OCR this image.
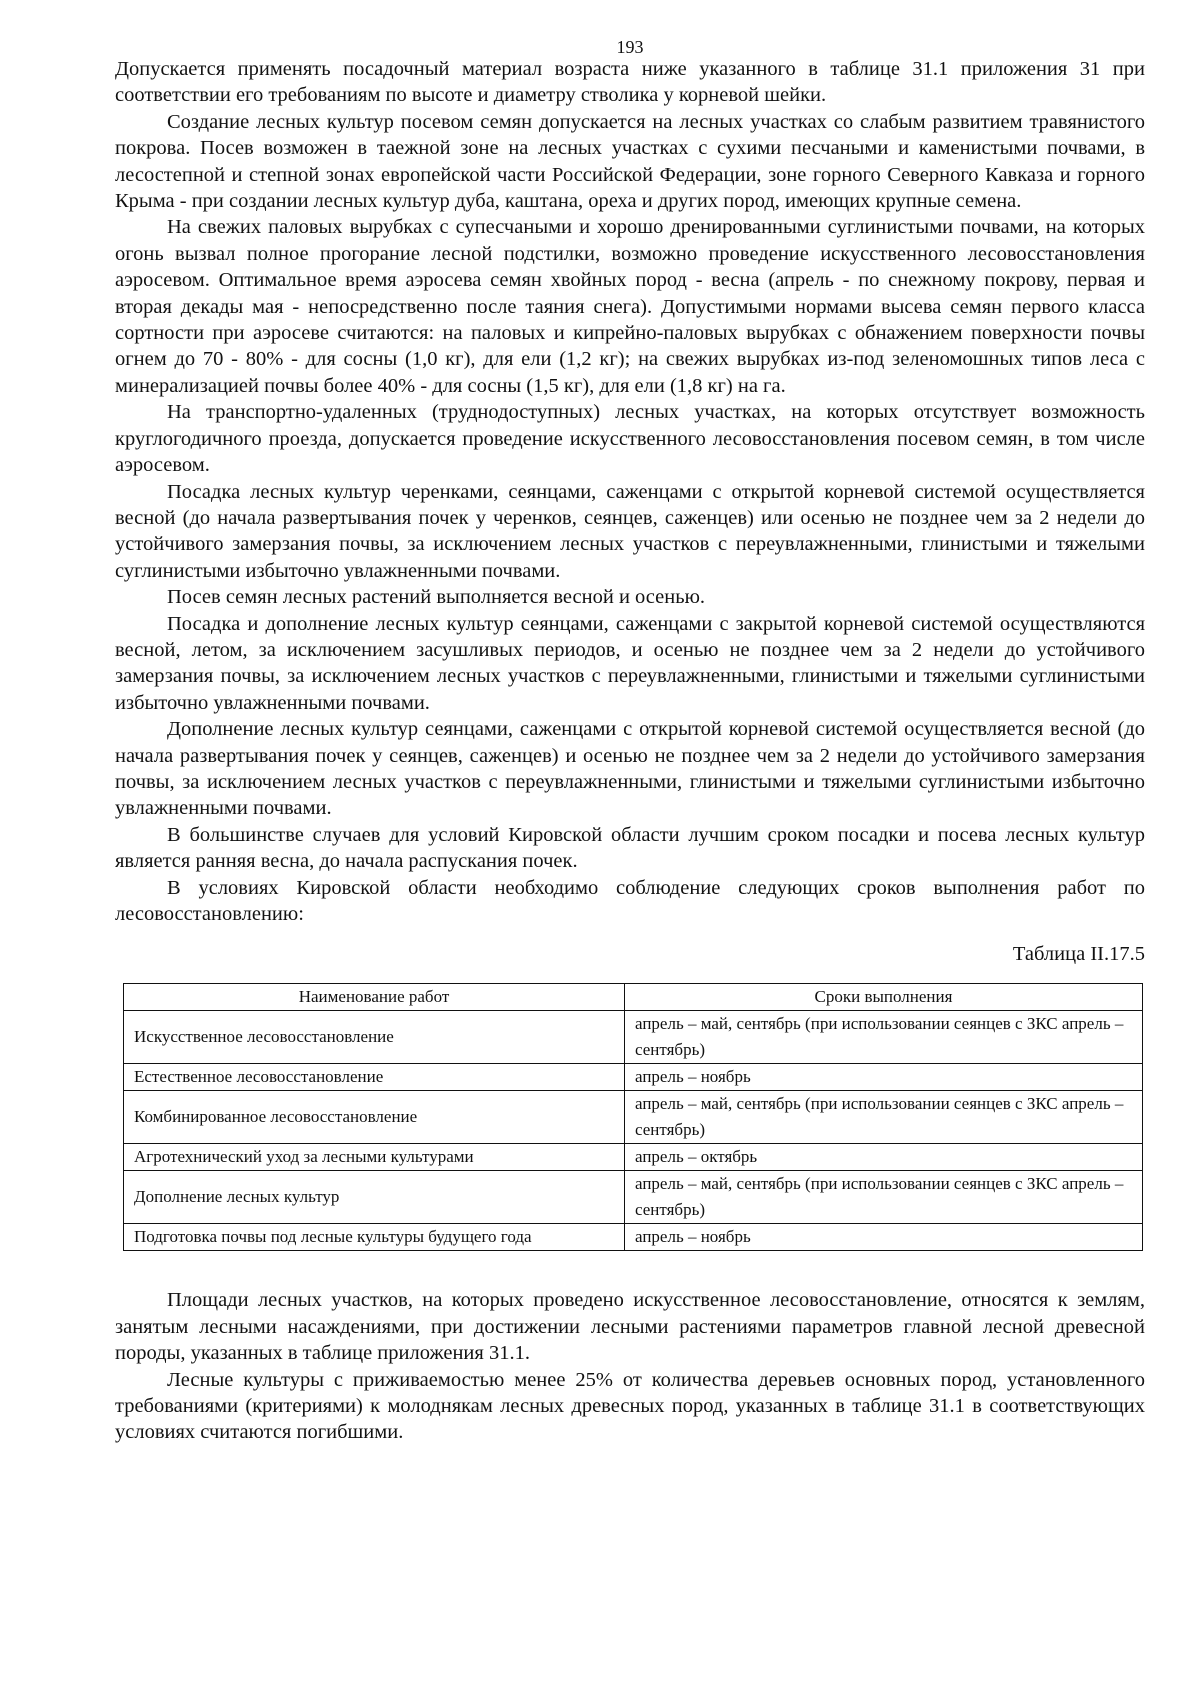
193

Допускается применять посадочный материал возраста ниже указанного в таблице 31.1 приложения 31 при соответствии его требованиям по высоте и диаметру стволика у корневой шейки.

Создание лесных культур посевом семян допускается на лесных участках со слабым развитием травянистого покрова. Посев возможен в таежной зоне на лесных участках с сухими песчаными и каменистыми почвами, в лесостепной и степной зонах европейской части Российской Федерации, зоне горного Северного Кавказа и горного Крыма - при создании лесных культур дуба, каштана, ореха и других пород, имеющих крупные семена.

На свежих паловых вырубках с супесчаными и хорошо дренированными суглинистыми почвами, на которых огонь вызвал полное прогорание лесной подстилки, возможно проведение искусственного лесовосстановления аэросевом. Оптимальное время аэросева семян хвойных пород - весна (апрель - по снежному покрову, первая и вторая декады мая - непосредственно после таяния снега). Допустимыми нормами высева семян первого класса сортности при аэросеве считаются: на паловых и кипрейно-паловых вырубках с обнажением поверхности почвы огнем до 70 - 80% - для сосны (1,0 кг), для ели (1,2 кг); на свежих вырубках из-под зеленомошных типов леса с минерализацией почвы более 40% - для сосны (1,5 кг), для ели (1,8 кг) на га.

На транспортно-удаленных (труднодоступных) лесных участках, на которых отсутствует возможность круглогодичного проезда, допускается проведение искусственного лесовосстановления посевом семян, в том числе аэросевом.

Посадка лесных культур черенками, сеянцами, саженцами с открытой корневой системой осуществляется весной (до начала развертывания почек у черенков, сеянцев, саженцев) или осенью не позднее чем за 2 недели до устойчивого замерзания почвы, за исключением лесных участков с переувлажненными, глинистыми и тяжелыми суглинистыми избыточно увлажненными почвами.

Посев семян лесных растений выполняется весной и осенью.

Посадка и дополнение лесных культур сеянцами, саженцами с закрытой корневой системой осуществляются весной, летом, за исключением засушливых периодов, и осенью не позднее чем за 2 недели до устойчивого замерзания почвы, за исключением лесных участков с переувлажненными, глинистыми и тяжелыми суглинистыми избыточно увлажненными почвами.

Дополнение лесных культур сеянцами, саженцами с открытой корневой системой осуществляется весной (до начала развертывания почек у сеянцев, саженцев) и осенью не позднее чем за 2 недели до устойчивого замерзания почвы, за исключением лесных участков с переувлажненными, глинистыми и тяжелыми суглинистыми избыточно увлажненными почвами.

В большинстве случаев для условий Кировской области лучшим сроком посадки и посева лесных культур является ранняя весна, до начала распускания почек.

В условиях Кировской области необходимо соблюдение следующих сроков выполнения работ по лесовосстановлению:

Таблица II.17.5
Наименование работ	Сроки выполнения
Искусственное лесовосстановление	апрель – май, сентябрь (при использовании сеянцев с ЗКС апрель – сентябрь)
Естественное лесовосстановление	апрель – ноябрь
Комбинированное лесовосстановление	апрель – май, сентябрь (при использовании сеянцев с ЗКС апрель – сентябрь)
Агротехнический уход за лесными культурами	апрель – октябрь
Дополнение лесных культур	апрель – май, сентябрь (при использовании сеянцев с ЗКС апрель – сентябрь)
Подготовка почвы под лесные культуры будущего года	апрель – ноябрь

Площади лесных участков, на которых проведено искусственное лесовосстановление, относятся к землям, занятым лесными насаждениями, при достижении лесными растениями параметров главной лесной древесной породы, указанных в таблице приложения 31.1.

Лесные культуры с приживаемостью менее 25% от количества деревьев основных пород, установленного требованиями (критериями) к молоднякам лесных древесных пород, указанных в таблице 31.1 в соответствующих условиях считаются погибшими.
